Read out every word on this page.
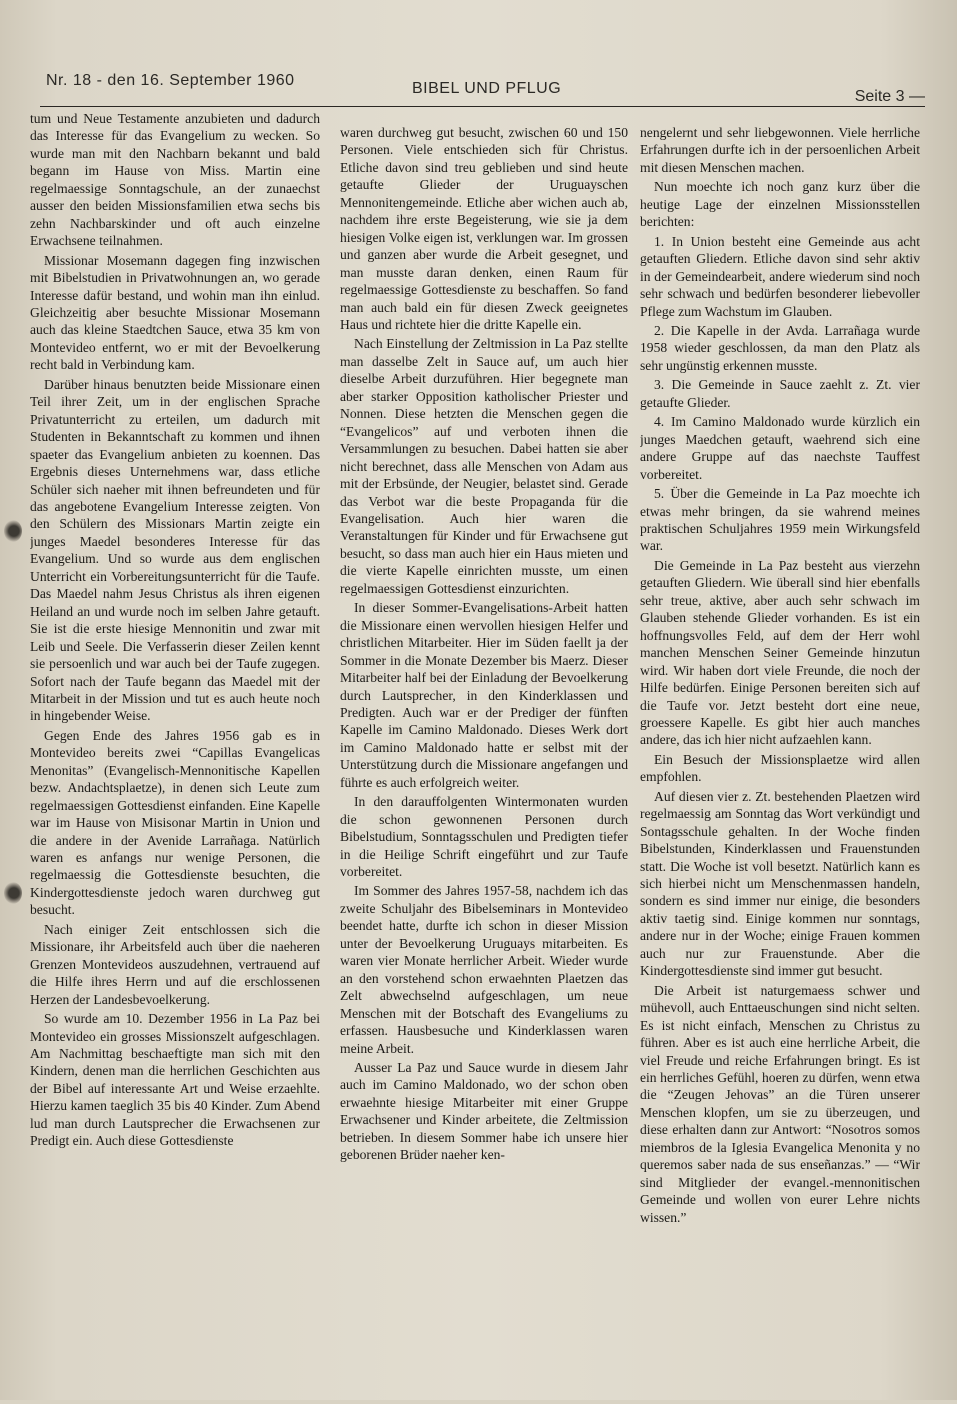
Nr. 18 - den 16. September 1960	BIBEL UND PFLUG	Seite 3 —

tum und Neue Testamente anzubieten und dadurch das Interesse für das Evangelium zu wecken. So wurde man mit den Nachbarn bekannt und bald begann im Hause von Miss. Martin eine regelmaessige Sonntagschule, an der zunaechst ausser den beiden Missionsfamilien etwa sechs bis zehn Nachbarskinder und oft auch einzelne Erwachsene teilnahmen.

Missionar Mosemann dagegen fing inzwischen mit Bibelstudien in Privatwohnungen an, wo gerade Interesse dafür bestand, und wohin man ihn einlud. Gleichzeitig aber besuchte Missionar Mosemann auch das kleine Staedtchen Sauce, etwa 35 km von Montevideo entfernt, wo er mit der Bevoelkerung recht bald in Verbindung kam.

Darüber hinaus benutzten beide Missionare einen Teil ihrer Zeit, um in der englischen Sprache Privatunterricht zu erteilen, um dadurch mit Studenten in Bekanntschaft zu kommen und ihnen spaeter das Evangelium anbieten zu koennen. Das Ergebnis dieses Unternehmens war, dass etliche Schüler sich naeher mit ihnen befreundeten und für das angebotene Evangelium Interesse zeigten. Von den Schülern des Missionars Martin zeigte ein junges Maedel besonderes Interesse für das Evangelium. Und so wurde aus dem englischen Unterricht ein Vorbereitungsunterricht für die Taufe. Das Maedel nahm Jesus Christus als ihren eigenen Heiland an und wurde noch im selben Jahre getauft. Sie ist die erste hiesige Mennonitin und zwar mit Leib und Seele. Die Verfasserin dieser Zeilen kennt sie persoenlich und war auch bei der Taufe zugegen. Sofort nach der Taufe begann das Maedel mit der Mitarbeit in der Mission und tut es auch heute noch in hingebender Weise.

Gegen Ende des Jahres 1956 gab es in Montevideo bereits zwei “Capillas Evangelicas Menonitas” (Evangelisch-Mennonitische Kapellen bezw. Andachtsplaetze), in denen sich Leute zum regelmaessigen Gottesdienst einfanden. Eine Kapelle war im Hause von Misisonar Martin in Union und die andere in der Avenide Larrañaga. Natürlich waren es anfangs nur wenige Personen, die regelmaessig die Gottesdienste besuchten, die Kindergottesdienste jedoch waren durchweg gut besucht.

Nach einiger Zeit entschlossen sich die Missionare, ihr Arbeitsfeld auch über die naeheren Grenzen Montevideos auszudehnen, vertrauend auf die Hilfe ihres Herrn und auf die erschlossenen Herzen der Landesbevoelkerung.

So wurde am 10. Dezember 1956 in La Paz bei Montevideo ein grosses Missionszelt aufgeschlagen. Am Nachmittag beschaeftigte man sich mit den Kindern, denen man die herrlichen Geschichten aus der Bibel auf interessante Art und Weise erzaehlte. Hierzu kamen taeglich 35 bis 40 Kinder. Zum Abend lud man durch Lautsprecher die Erwachsenen zur Predigt ein. Auch diese Gottesdienste

waren durchweg gut besucht, zwischen 60 und 150 Personen. Viele entschieden sich für Christus. Etliche davon sind treu geblieben und sind heute getaufte Glieder der Uruguayschen Mennonitengemeinde. Etliche aber wichen auch ab, nachdem ihre erste Begeisterung, wie sie ja dem hiesigen Volke eigen ist, verklungen war. Im grossen und ganzen aber wurde die Arbeit gesegnet, und man musste daran denken, einen Raum für regelmaessige Gottesdienste zu beschaffen. So fand man auch bald ein für diesen Zweck geeignetes Haus und richtete hier die dritte Kapelle ein.

Nach Einstellung der Zeltmission in La Paz stellte man dasselbe Zelt in Sauce auf, um auch hier dieselbe Arbeit durzuführen. Hier begegnete man aber starker Opposition katholischer Priester und Nonnen. Diese hetzten die Menschen gegen die “Evangelicos” auf und verboten ihnen die Versammlungen zu besuchen. Dabei hatten sie aber nicht berechnet, dass alle Menschen von Adam aus mit der Erbsünde, der Neugier, belastet sind. Gerade das Verbot war die beste Propaganda für die Evangelisation. Auch hier waren die Veranstaltungen für Kinder und für Erwachsene gut besucht, so dass man auch hier ein Haus mieten und die vierte Kapelle einrichten musste, um einen regelmaessigen Gottesdienst einzurichten.

In dieser Sommer-Evangelisations-Arbeit hatten die Missionare einen wervollen hiesigen Helfer und christlichen Mitarbeiter. Hier im Süden faellt ja der Sommer in die Monate Dezember bis Maerz. Dieser Mitarbeiter half bei der Einladung der Bevoelkerung durch Lautsprecher, in den Kinderklassen und Predigten. Auch war er der Prediger der fünften Kapelle im Camino Maldonado. Dieses Werk dort im Camino Maldonado hatte er selbst mit der Unterstützung durch die Missionare angefangen und führte es auch erfolgreich weiter.

In den darauffolgenten Wintermonaten wurden die schon gewonnenen Personen durch Bibelstudium, Sonntagsschulen und Predigten tiefer in die Heilige Schrift eingeführt und zur Taufe vorbereitet.

Im Sommer des Jahres 1957-58, nachdem ich das zweite Schuljahr des Bibelseminars in Montevideo beendet hatte, durfte ich schon in dieser Mission unter der Bevoelkerung Uruguays mitarbeiten. Es waren vier Monate herrlicher Arbeit. Wieder wurde an den vorstehend schon erwaehnten Plaetzen das Zelt abwechselnd aufgeschlagen, um neue Menschen mit der Botschaft des Evangeliums zu erfassen. Hausbesuche und Kinderklassen waren meine Arbeit.

Ausser La Paz und Sauce wurde in diesem Jahr auch im Camino Maldonado, wo der schon oben erwaehnte hiesige Mitarbeiter mit einer Gruppe Erwachsener und Kinder arbeitete, die Zeltmission betrieben. In diesem Sommer habe ich unsere hier geborenen Brüder naeher ken-

nengelernt und sehr liebgewonnen. Viele herrliche Erfahrungen durfte ich in der persoenlichen Arbeit mit diesen Menschen machen.

Nun moechte ich noch ganz kurz über die heutige Lage der einzelnen Missionsstellen berichten:

1. In Union besteht eine Gemeinde aus acht getauften Gliedern. Etliche davon sind sehr aktiv in der Gemeindearbeit, andere wiederum sind noch sehr schwach und bedürfen besonderer liebevoller Pflege zum Wachstum im Glauben.

2. Die Kapelle in der Avda. Larrañaga wurde 1958 wieder geschlossen, da man den Platz als sehr ungünstig erkennen musste.

3. Die Gemeinde in Sauce zaehlt z. Zt. vier getaufte Glieder.

4. Im Camino Maldonado wurde kürzlich ein junges Maedchen getauft, waehrend sich eine andere Gruppe auf das naechste Tauffest vorbereitet.

5. Über die Gemeinde in La Paz moechte ich etwas mehr bringen, da sie wahrend meines praktischen Schuljahres 1959 mein Wirkungsfeld war.

Die Gemeinde in La Paz besteht aus vierzehn getauften Gliedern. Wie überall sind hier ebenfalls sehr treue, aktive, aber auch sehr schwach im Glauben stehende Glieder vorhanden. Es ist ein hoffnungsvolles Feld, auf dem der Herr wohl manchen Menschen Seiner Gemeinde hinzutun wird. Wir haben dort viele Freunde, die noch der Hilfe bedürfen. Einige Personen bereiten sich auf die Taufe vor. Jetzt besteht dort eine neue, groessere Kapelle. Es gibt hier auch manches andere, das ich hier nicht aufzaehlen kann.

Ein Besuch der Missionsplaetze wird allen empfohlen.

Auf diesen vier z. Zt. bestehenden Plaetzen wird regelmaessig am Sonntag das Wort verkündigt und Sontagsschule gehalten. In der Woche finden Bibelstunden, Kinderklassen und Frauenstunden statt. Die Woche ist voll besetzt. Natürlich kann es sich hierbei nicht um Menschenmassen handeln, sondern es sind immer nur einige, die besonders aktiv taetig sind. Einige kommen nur sonntags, andere nur in der Woche; einige Frauen kommen auch nur zur Frauenstunde. Aber die Kindergottesdienste sind immer gut besucht.

Die Arbeit ist naturgemaess schwer und mühevoll, auch Enttaeuschungen sind nicht selten. Es ist nicht einfach, Menschen zu Christus zu führen. Aber es ist auch eine herrliche Arbeit, die viel Freude und reiche Erfahrungen bringt. Es ist ein herrliches Gefühl, hoeren zu dürfen, wenn etwa die “Zeugen Jehovas” an die Türen unserer Menschen klopfen, um sie zu überzeugen, und diese erhalten dann zur Antwort: “Nosotros somos miembros de la Iglesia Evangelica Menonita y no queremos saber nada de sus enseñanzas.” — “Wir sind Mitglieder der evangel.-mennonitischen Gemeinde und wollen von eurer Lehre nichts wissen.”
